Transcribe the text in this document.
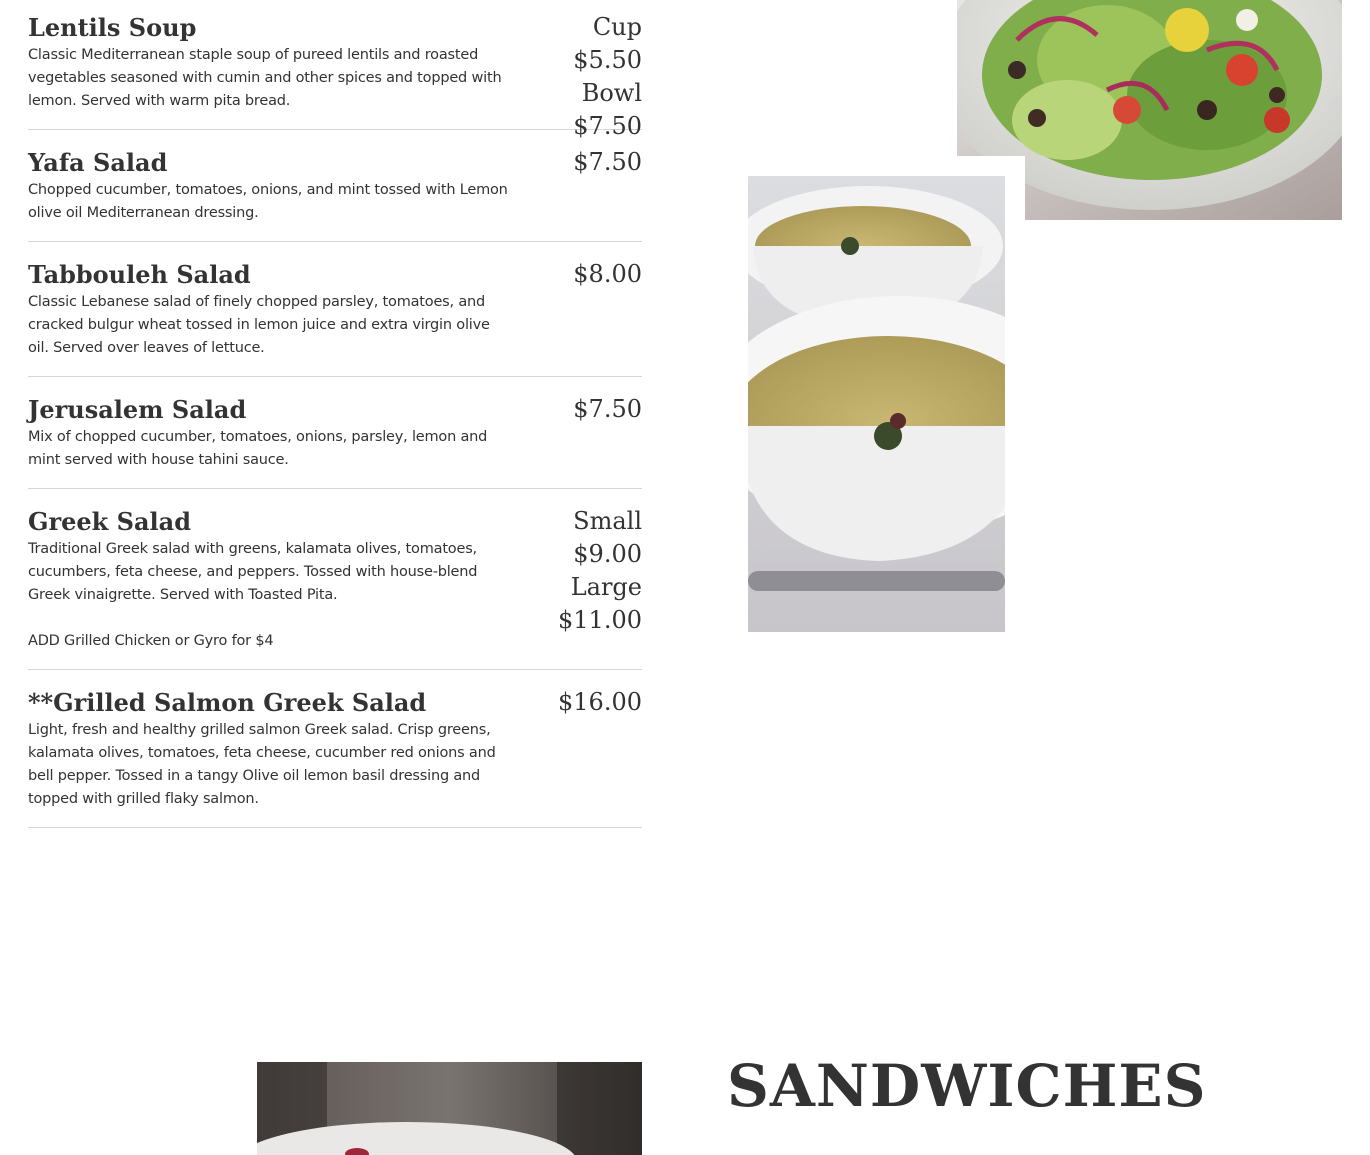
Lentils Soup

Classic Mediterranean staple soup of pureed lentils and roasted vegetables seasoned with cumin and other spices and topped with lemon. Served with warm pita bread.

Cup $5.50 Bowl $7.50
Yafa Salad

Chopped cucumber, tomatoes, onions, and mint tossed with Lemon olive oil Mediterranean dressing.

$7.50
Tabbouleh Salad

Classic Lebanese salad of finely chopped parsley, tomatoes, and cracked bulgur wheat tossed in lemon juice and extra virgin olive oil. Served over leaves of lettuce.

$8.00
Jerusalem Salad

Mix of chopped cucumber, tomatoes, onions, parsley, lemon and mint served with house tahini sauce.

$7.50
Greek Salad

Traditional Greek salad with greens, kalamata olives, tomatoes, cucumbers, feta cheese, and peppers. Tossed with house-blend Greek vinaigrette. Served with Toasted Pita.

ADD Grilled Chicken or Gyro for $4

Small $9.00 Large $11.00
**Grilled Salmon Greek Salad

Light, fresh and healthy grilled salmon Greek salad. Crisp greens, kalamata olives, tomatoes, feta cheese, cucumber red onions and bell pepper. Tossed in a tangy Olive oil lemon basil dressing and topped with grilled flaky salmon.

$16.00
SANDWICHES
